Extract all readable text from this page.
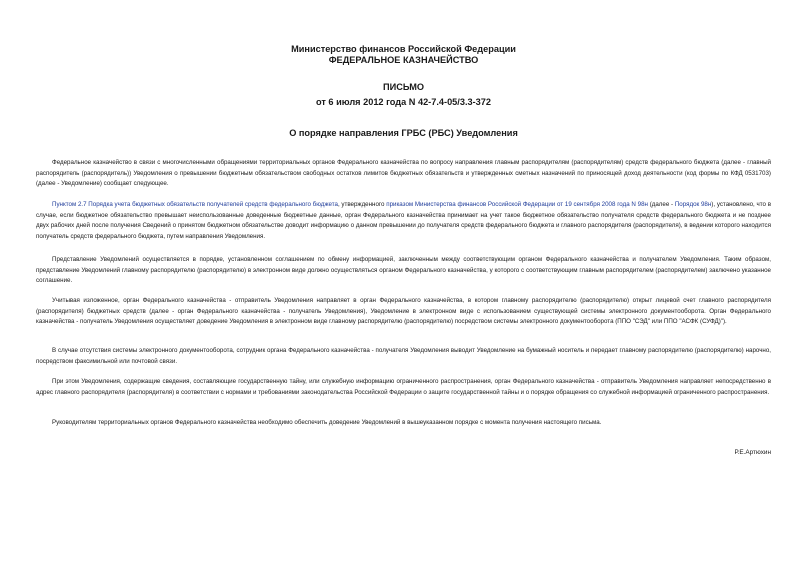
Министерство финансов Российской Федерации
ФЕДЕРАЛЬНОЕ КАЗНАЧЕЙСТВО
ПИСЬМО
от 6 июля 2012 года N 42-7.4-05/3.3-372
О порядке направления ГРБС (РБС) Уведомления
Федеральное казначейство в связи с многочисленными обращениями территориальных органов Федерального казначейства по вопросу направления главным распорядителям (распорядителям) средств федерального бюджета (далее - главный распорядитель (распорядитель)) Уведомления о превышении бюджетным обязательством свободных остатков лимитов бюджетных обязательств и утвержденных сметных назначений по приносящей доход деятельности (код формы по КФД 0531703) (далее - Уведомление) сообщает следующее.
Пунктом 2.7 Порядка учета бюджетных обязательств получателей средств федерального бюджета, утвержденного приказом Министерства финансов Российской Федерации от 19 сентября 2008 года N 98н (далее - Порядок 98н), установлено, что в случае, если бюджетное обязательство превышает неиспользованные доведенные бюджетные данные, орган Федерального казначейства принимает на учет такое бюджетное обязательство получателя средств федерального бюджета и не позднее двух рабочих дней после получения Сведений о принятом бюджетном обязательстве доводит информацию о данном превышении до получателя средств федерального бюджета и главного распорядителя (распорядителя), в ведении которого находится получатель средств федерального бюджета, путем направления Уведомления.
Представление Уведомлений осуществляется в порядке, установленном соглашением по обмену информацией, заключенным между соответствующим органом Федерального казначейства и получателем Уведомления. Таким образом, представление Уведомлений главному распорядителю (распорядителю) в электронном виде должно осуществляться органом Федерального казначейства, у которого с соответствующим главным распорядителем (распорядителем) заключено указанное соглашение.
Учитывая изложенное, орган Федерального казначейства - отправитель Уведомления направляет в орган Федерального казначейства, в котором главному распорядителю (распорядителю) открыт лицевой счет главного распорядителя (распорядителя) бюджетных средств (далее - орган Федерального казначейства - получатель Уведомления), Уведомление в электронном виде с использованием существующей системы электронного документооборота. Орган Федерального казначейства - получатель Уведомления осуществляет доведение Уведомления в электронном виде главному распорядителю (распорядителю) посредством системы электронного документооборота (ППО "СЭД" или ППО "АСФК (СУФД)").
В случае отсутствия системы электронного документооборота, сотрудник органа Федерального казначейства - получателя Уведомления выводит Уведомление на бумажный носитель и передает главному распорядителю (распорядителю) нарочно, посредством факсимильной или почтовой связи.
При этом Уведомления, содержащие сведения, составляющие государственную тайну, или служебную информацию ограниченного распространения, орган Федерального казначейства - отправитель Уведомления направляет непосредственно в адрес главного распорядителя (распорядителя) в соответствии с нормами и требованиями законодательства Российской Федерации о защите государственной тайны и о порядке обращения со служебной информацией ограниченного распространения.
Руководителям территориальных органов Федерального казначейства необходимо обеспечить доведение Уведомлений в вышеуказанном порядке с момента получения настоящего письма.
Р.Е.Артюхин
